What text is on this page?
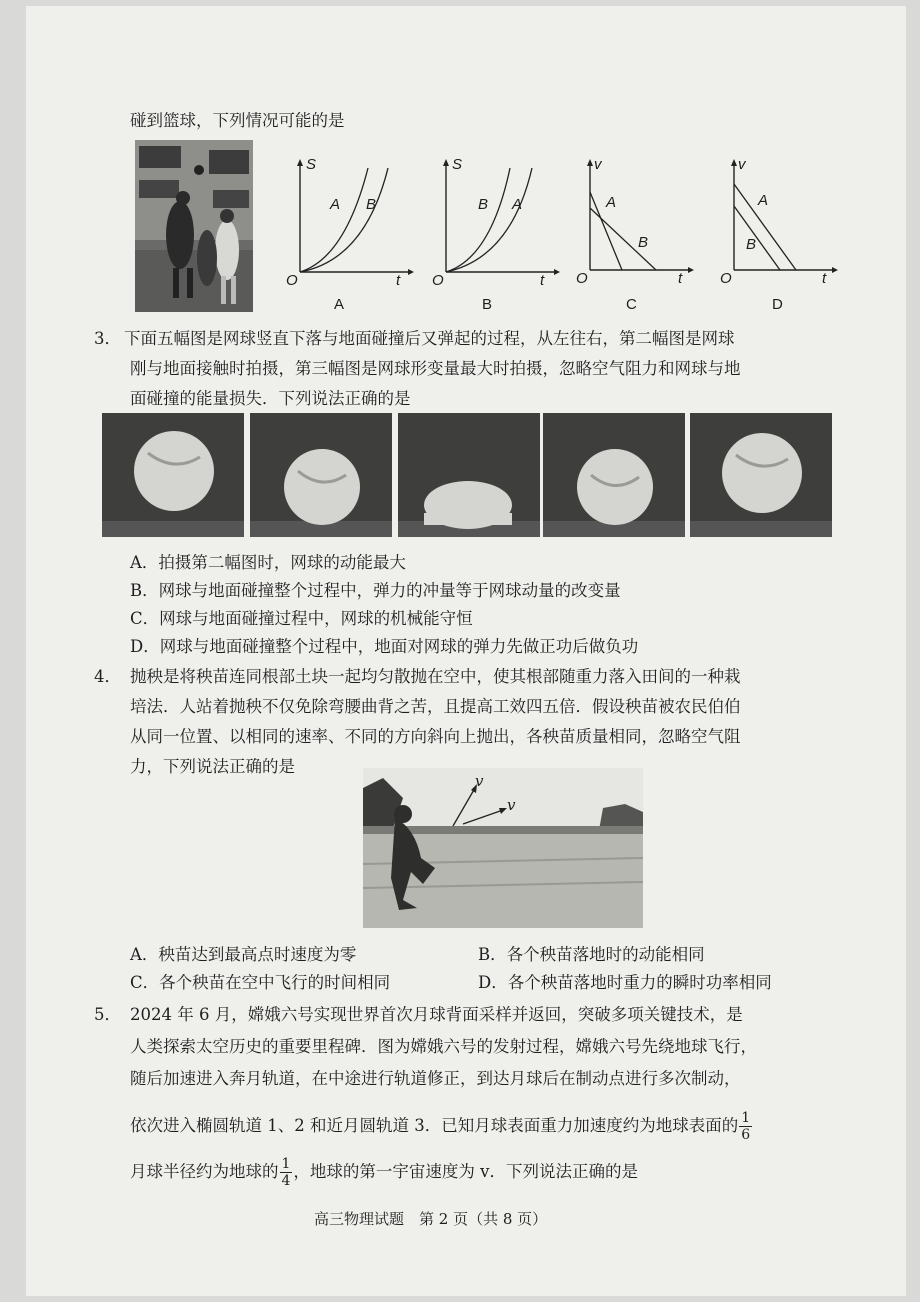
碰到篮球，下列情况可能的是
S
O	t
A B
A
S
O	t
B A
B
v
O	t
A
B
C
v
O	t
A
B
D
3． 下面五幅图是网球竖直下落与地面碰撞后又弹起的过程，从左往右，第二幅图是网球
刚与地面接触时拍摄，第三幅图是网球形变量最大时拍摄，忽略空气阻力和网球与地
面碰撞的能量损失．下列说法正确的是
A．拍摄第二幅图时，网球的动能最大
B．网球与地面碰撞整个过程中，弹力的冲量等于网球动量的改变量
C．网球与地面碰撞过程中，网球的机械能守恒
D．网球与地面碰撞整个过程中，地面对网球的弹力先做正功后做负功
4． 抛秧是将秧苗连同根部土块一起均匀散抛在空中，使其根部随重力落入田间的一种栽
培法．人站着抛秧不仅免除弯腰曲背之苦，且提高工效四五倍．假设秧苗被农民伯伯
从同一位置、以相同的速率、不同的方向斜向上抛出，各秧苗质量相同，忽略空气阻
力，下列说法正确的是
v
v
A．秧苗达到最高点时速度为零	B．各个秧苗落地时的动能相同
C．各个秧苗在空中飞行的时间相同	D．各个秧苗落地时重力的瞬时功率相同
5． 2024 年 6 月，嫦娥六号实现世界首次月球背面采样并返回，突破多项关键技术，是
人类探索太空历史的重要里程碑．图为嫦娥六号的发射过程，嫦娥六号先绕地球飞行，
随后加速进入奔月轨道，在中途进行轨道修正，到达月球后在制动点进行多次制动，
依次进入椭圆轨道 1、2 和近月圆轨道 3．已知月球表面重力加速度约为地球表面的 $\frac{1}{6}$
月球半径约为地球的 $\frac{1}{4}$ ，地球的第一宇宙速度为 v．下列说法正确的是
高三物理试题　第 2 页（共 8 页）
